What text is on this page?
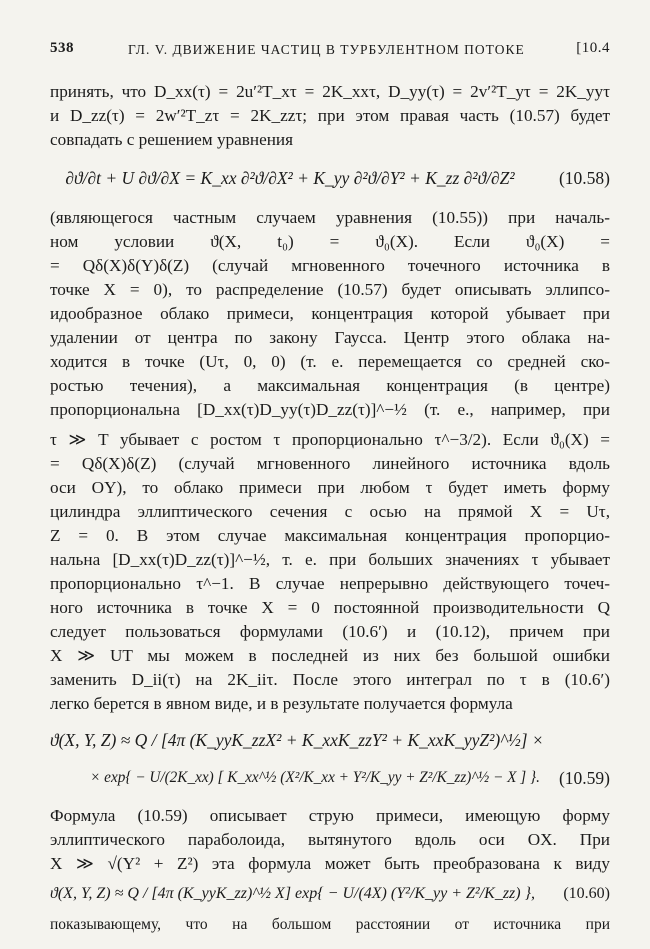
538	ГЛ. V. ДВИЖЕНИЕ ЧАСТИЦ В ТУРБУЛЕНТНОМ ПОТОКЕ	[10.4
принять, что D_xx(τ) = 2u′²T_xτ = 2K_xxτ, D_yy(τ) = 2v′²T_yτ = 2K_yyτ
и D_zz(τ) = 2w′²T_zτ = 2K_zzτ; при этом правая часть (10.57) будет
совпадать с решением уравнения
∂ϑ/∂t + U ∂ϑ/∂X = K_xx ∂²ϑ/∂X² + K_yy ∂²ϑ/∂Y² + K_zz ∂²ϑ/∂Z²	(10.58)
(являющегося частным случаем уравнения (10.55)) при началь-
ном условии ϑ(X, t₀) = ϑ₀(X). Если ϑ₀(X) =
= Qδ(X)δ(Y)δ(Z) (случай мгновенного точечного источника в
точке X = 0), то распределение (10.57) будет описывать эллипсо-
идообразное облако примеси, концентрация которой убывает при
удалении от центра по закону Гаусса. Центр этого облака на-
ходится в точке (Uτ, 0, 0) (т. е. перемещается со средней ско-
ростью течения), а максимальная концентрация (в центре)
пропорциональна [D_xx(τ)D_yy(τ)D_zz(τ)]^−½ (т. е., например, при
τ ≫ T убывает с ростом τ пропорционально τ^−3/2). Если ϑ₀(X) =
= Qδ(X)δ(Z) (случай мгновенного линейного источника вдоль
оси OY), то облако примеси при любом τ будет иметь форму
цилиндра эллиптического сечения с осью на прямой X = Uτ,
Z = 0. В этом случае максимальная концентрация пропорцио-
нальна [D_xx(τ)D_zz(τ)]^−½, т. е. при больших значениях τ убывает
пропорционально τ^−1. В случае непрерывно действующего точеч-
ного источника в точке X = 0 постоянной производительности Q
следует пользоваться формулами (10.6′) и (10.12), причем при
X ≫ UT мы можем в последней из них без большой ошибки
заменить D_ii(τ) на 2K_iiτ. После этого интеграл по τ в (10.6′)
легко берется в явном виде, и в результате получается формула
ϑ(X, Y, Z) ≈ Q / [4π (K_yyK_zzX² + K_xxK_zzY² + K_xxK_yyZ²)^½] ×
× exp{ − U/(2K_xx) [ K_xx^½ (X²/K_xx + Y²/K_yy + Z²/K_zz)^½ − X ] }. (10.59)
Формула (10.59) описывает струю примеси, имеющую форму
эллиптического параболоида, вытянутого вдоль оси OX. При
X ≫ √(Y² + Z²) эта формула может быть преобразована к виду
ϑ(X, Y, Z) ≈ Q / [4π (K_yyK_zz)^½ X] exp{ − U/(4X) (Y²/K_yy + Z²/K_zz) }, (10.60)
показывающему, что на большом расстоянии от источника при
